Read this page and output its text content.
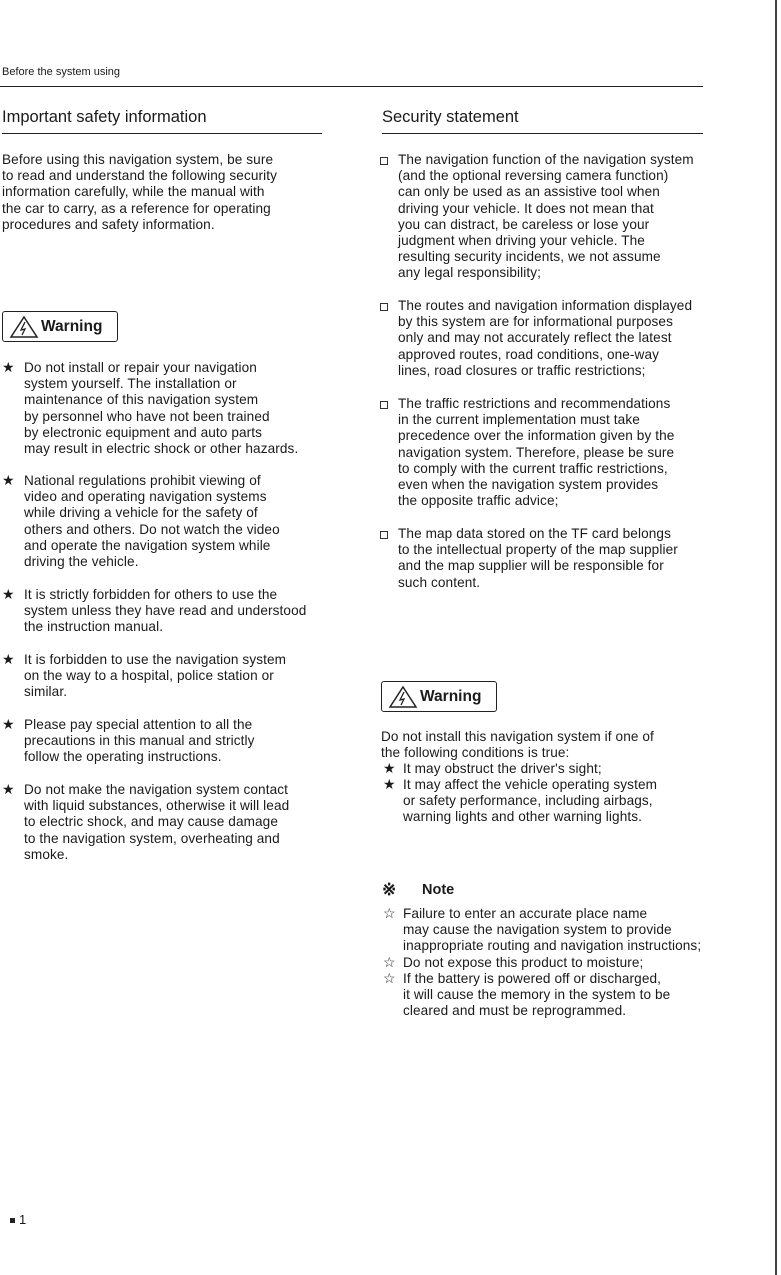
Before the system using
Important safety information	Security statement
Warning
Warning
※ Note
1
Before using this navigation system, be sure
to read and understand the following security
information carefully, while the manual with
the car to carry, as a reference for operating
procedures and safety information.
★ Do not install or repair your navigation
system yourself. The installation or
maintenance of this navigation system
by personnel who have not been trained
by electronic equipment and auto parts
may result in electric shock or other hazards.
★ National regulations prohibit viewing of
video and operating navigation systems
while driving a vehicle for the safety of
others and others. Do not watch the video
and operate the navigation system while
driving the vehicle.
★ It is strictly forbidden for others to use the
system unless they have read and understood
the instruction manual.
★ It is forbidden to use the navigation system
on the way to a hospital, police station or
similar.
★ Please pay special attention to all the
precautions in this manual and strictly
follow the operating instructions.
★ Do not make the navigation system contact
with liquid substances, otherwise it will lead
to electric shock, and may cause damage
to the navigation system, overheating and
smoke.
The navigation function of the navigation system
(and the optional reversing camera function)
can only be used as an assistive tool when
driving your vehicle. It does not mean that
you can distract, be careless or lose your
judgment when driving your vehicle. The
resulting security incidents, we not assume
any legal responsibility;
The routes and navigation information displayed
by this system are for informational purposes
only and may not accurately reflect the latest
approved routes, road conditions, one-way
lines, road closures or traffic restrictions;
The traffic restrictions and recommendations
in the current implementation must take
precedence over the information given by the
navigation system. Therefore, please be sure
to comply with the current traffic restrictions,
even when the navigation system provides
the opposite traffic advice;
The map data stored on the TF card belongs
to the intellectual property of the map supplier
and the map supplier will be responsible for
such content.
Do not install this navigation system if one of
the following conditions is true:
★ It may obstruct the driver's sight;
★ It may affect the vehicle operating system
or safety performance, including airbags,
warning lights and other warning lights.
☆ Failure to enter an accurate place name
may cause the navigation system to provide
inappropriate routing and navigation instructions;
☆ Do not expose this product to moisture;
☆ If the battery is powered off or discharged,
it will cause the memory in the system to be
cleared and must be reprogrammed.
